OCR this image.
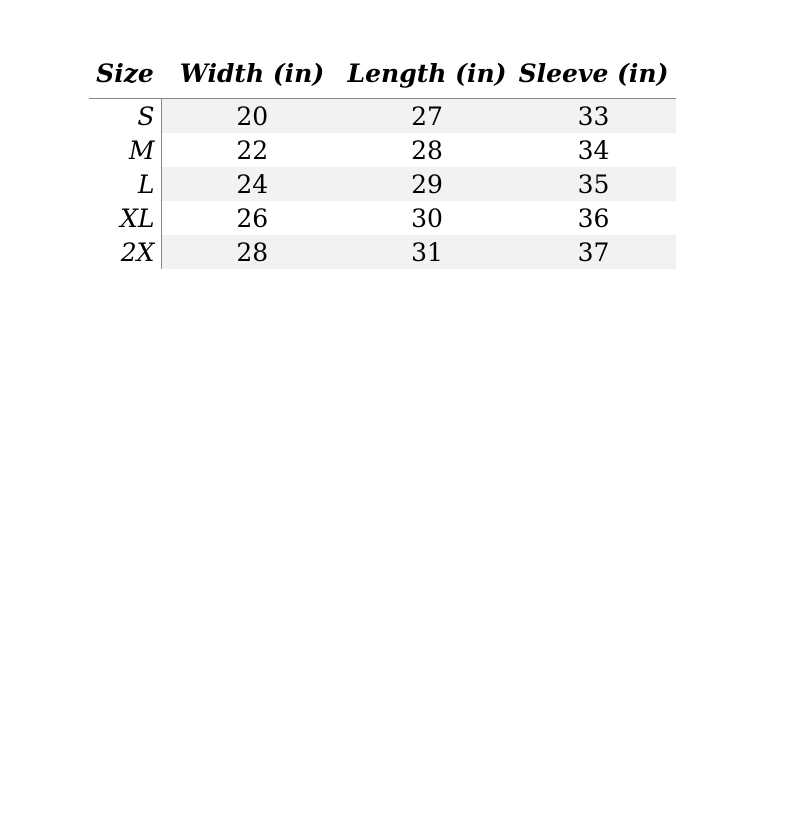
Size	Width (in)	Length (in)	Sleeve (in)
S	20	27	33
M	22	28	34
L	24	29	35
XL	26	30	36
2X	28	31	37
